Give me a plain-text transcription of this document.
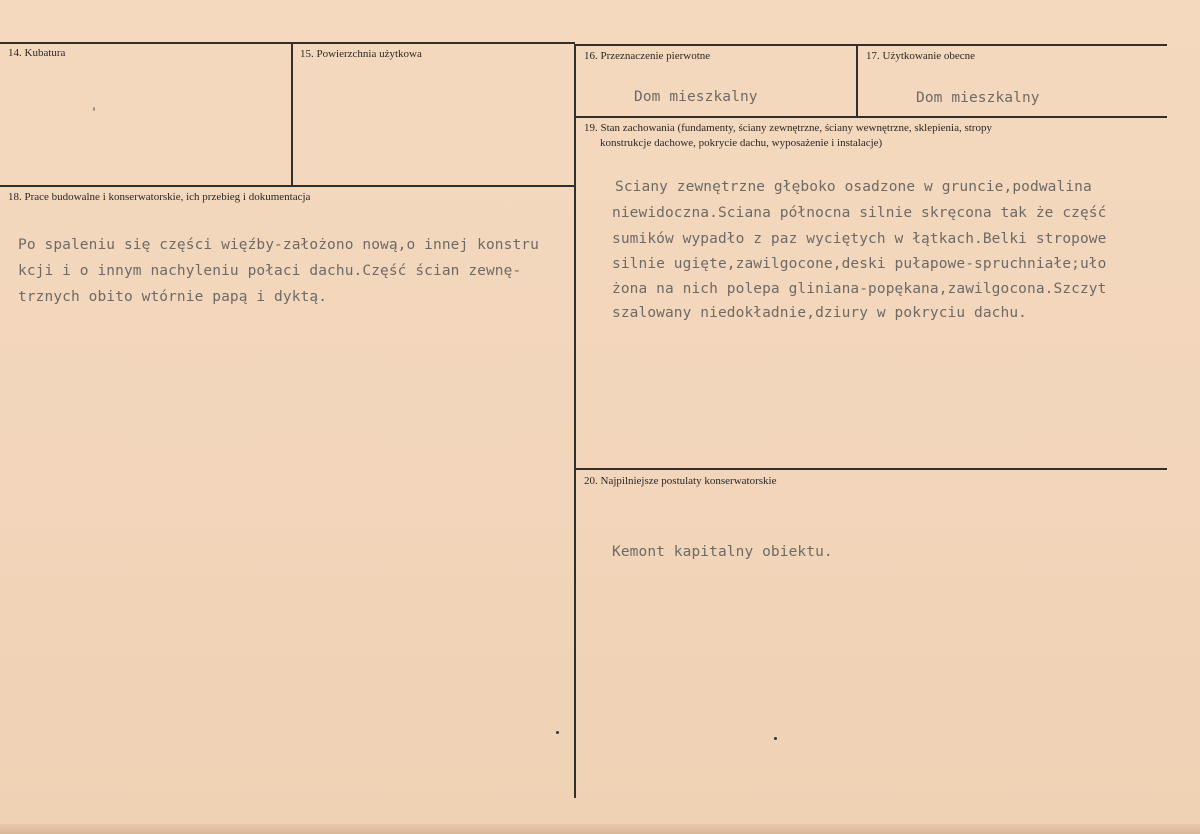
14. Kubatura	15. Powierzchnia użytkowa	16. Przeznaczenie pierwotne
Dom mieszkalny
17. Użytkowanie obecne
Dom mieszkalny
18. Prace budowalne i konserwatorskie, ich przebieg i dokumentacja
Po spaleniu się części więźby-założono nową,o innej konstru
kcji i o innym nachyleniu połaci dachu.Część ścian zewnę-
trznych obito wtórnie papą i dyktą.
19. Stan zachowania (fundamenty, ściany zewnętrzne, ściany wewnętrzne, sklepienia, stropy
konstrukcje dachowe, pokrycie dachu, wyposażenie i instalacje)
Sciany zewnętrzne głęboko osadzone w gruncie,podwalina
niewidoczna.Sciana północna silnie skręcona tak że część
sumików wypadło z paz wyciętych w łątkach.Belki stropowe
silnie ugięte,zawilgocone,deski pułapowe-spruchniałe;uło
żona na nich polepa gliniana-popękana,zawilgocona.Szczyt
szalowany niedokładnie,dziury w pokryciu dachu.
20. Najpilniejsze postulaty konserwatorskie
Kemont kapitalny obiektu.
